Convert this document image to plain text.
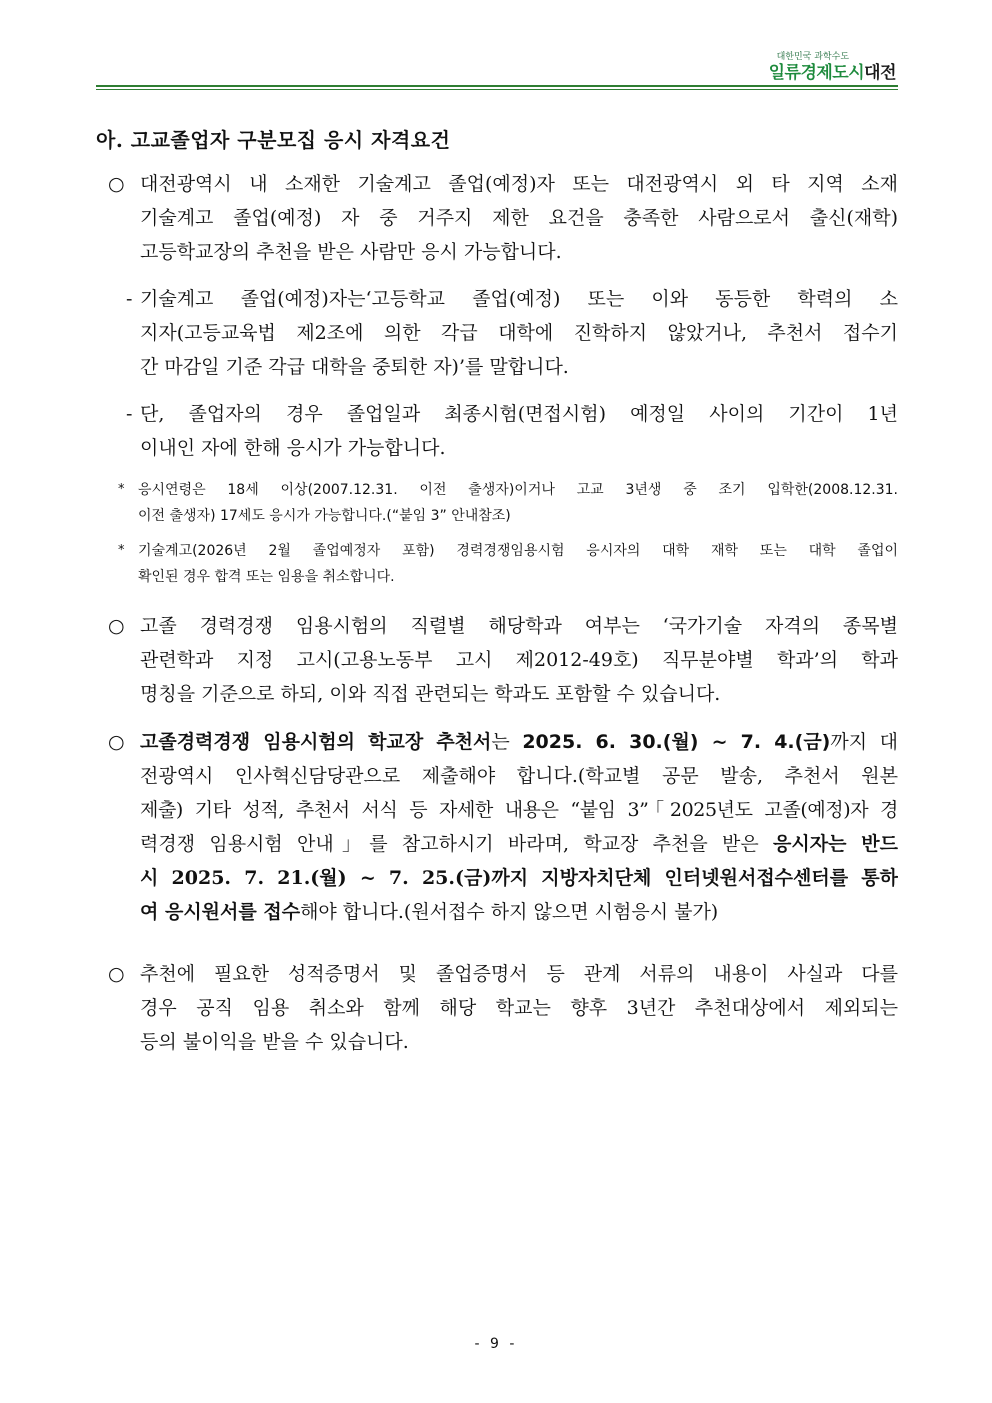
대한민국 과학수도
일류경제도시대전
아. 고교졸업자 구분모집 응시 자격요건
○ 대전광역시 내 소재한 기술계고 졸업(예정)자 또는 대전광역시 외 타 지역 소재
기술계고 졸업(예정) 자 중 거주지 제한 요건을 충족한 사람으로서 출신(재학)
고등학교장의 추천을 받은 사람만 응시 가능합니다.
- 기술계고 졸업(예정)자는‘고등학교 졸업(예정) 또는 이와 동등한 학력의 소
지자(고등교육법 제2조에 의한 각급 대학에 진학하지 않았거나, 추천서 접수기
간 마감일 기준 각급 대학을 중퇴한 자)’를 말합니다.
- 단, 졸업자의 경우 졸업일과 최종시험(면접시험) 예정일 사이의 기간이 1년
이내인 자에 한해 응시가 가능합니다.
* 응시연령은 18세 이상(2007.12.31. 이전 출생자)이거나 고교 3년생 중 조기 입학한(2008.12.31.
이전 출생자) 17세도 응시가 가능합니다.(“붙임 3” 안내참조)
* 기술계고(2026년 2월 졸업예정자 포함) 경력경쟁임용시험 응시자의 대학 재학 또는 대학 졸업이
확인된 경우 합격 또는 임용을 취소합니다.
○ 고졸 경력경쟁 임용시험의 직렬별 해당학과 여부는 ‘국가기술 자격의 종목별
관련학과 지정 고시(고용노동부 고시 제2012-49호) 직무분야별 학과’의 학과
명칭을 기준으로 하되, 이와 직접 관련되는 학과도 포함할 수 있습니다.
○ 고졸경력경쟁 임용시험의 학교장 추천서는 2025. 6. 30.(월) ~ 7. 4.(금)까지 대
전광역시 인사혁신담당관으로 제출해야 합니다.(학교별 공문 발송, 추천서 원본
제출) 기타 성적, 추천서 서식 등 자세한 내용은 “붙임 3”「2025년도 고졸(예정)자 경
력경쟁 임용시험 안내」를 참고하시기 바라며, 학교장 추천을 받은 응시자는 반드
시 2025. 7. 21.(월) ~ 7. 25.(금)까지 지방자치단체 인터넷원서접수센터를 통하
여 응시원서를 접수해야 합니다.(원서접수 하지 않으면 시험응시 불가)
○ 추천에 필요한 성적증명서 및 졸업증명서 등 관계 서류의 내용이 사실과 다를
경우 공직 임용 취소와 함께 해당 학교는 향후 3년간 추천대상에서 제외되는
등의 불이익을 받을 수 있습니다.
- 9 -
